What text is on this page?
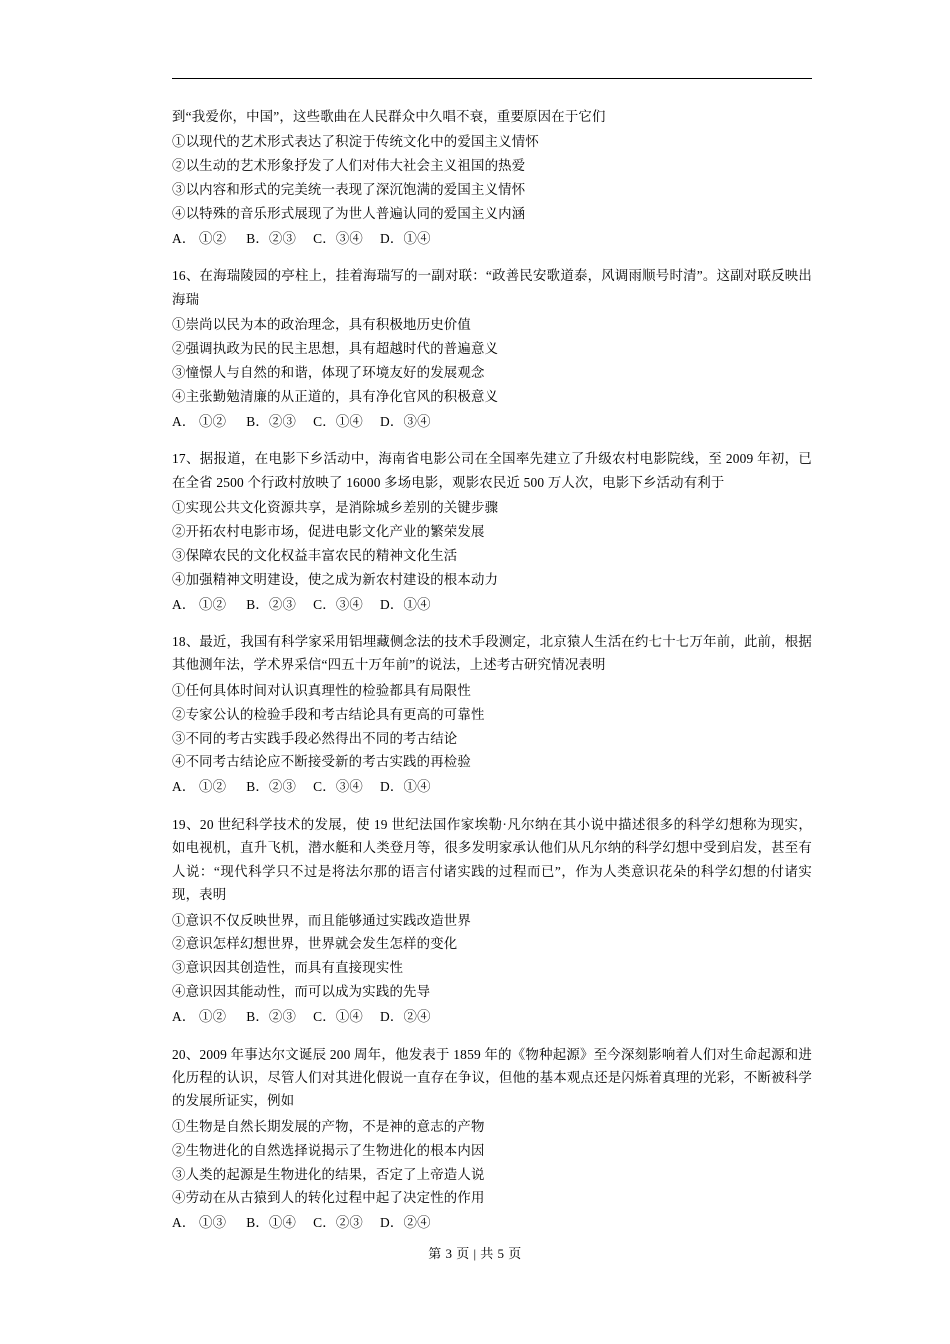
到“我爱你，中国”，这些歌曲在人民群众中久唱不衰，重要原因在于它们

①以现代的艺术形式表达了积淀于传统文化中的爱国主义情怀

②以生动的艺术形象抒发了人们对伟大社会主义祖国的热爱

③以内容和形式的完美统一表现了深沉饱满的爱国主义情怀

④以特殊的音乐形式展现了为世人普遍认同的爱国主义内涵

A． ①② B．②③ C．③④ D．①④

16、在海瑞陵园的亭柱上，挂着海瑞写的一副对联：“政善民安歌道泰，风调雨顺号时清”。这副对联反映出海瑞

①崇尚以民为本的政治理念，具有积极地历史价值

②强调执政为民的民主思想，具有超越时代的普遍意义

③憧憬人与自然的和谐，体现了环境友好的发展观念

④主张勤勉清廉的从正道的，具有净化官风的积极意义

A． ①② B．②③ C．①④ D．③④

17、据报道，在电影下乡活动中，海南省电影公司在全国率先建立了升级农村电影院线，至 2009 年初，已在全省 2500 个行政村放映了 16000 多场电影，观影农民近 500 万人次，电影下乡活动有利于

①实现公共文化资源共享，是消除城乡差别的关键步骤

②开拓农村电影市场，促进电影文化产业的繁荣发展

③保障农民的文化权益丰富农民的精神文化生活

④加强精神文明建设，使之成为新农村建设的根本动力

A． ①② B．②③ C．③④ D．①④

18、最近，我国有科学家采用铝埋藏侧念法的技术手段测定，北京猿人生活在约七十七万年前，此前，根据其他测年法，学术界采信“四五十万年前”的说法，上述考古研究情况表明

①任何具体时间对认识真理性的检验都具有局限性

②专家公认的检验手段和考古结论具有更高的可靠性

③不同的考古实践手段必然得出不同的考古结论

④不同考古结论应不断接受新的考古实践的再检验

A． ①② B．②③ C．③④ D．①④

19、20 世纪科学技术的发展，使 19 世纪法国作家埃勒·凡尔纳在其小说中描述很多的科学幻想称为现实，如电视机，直升飞机，潜水艇和人类登月等，很多发明家承认他们从凡尔纳的科学幻想中受到启发，甚至有人说：“现代科学只不过是将法尔那的语言付诸实践的过程而已”，作为人类意识花朵的科学幻想的付诸实现，表明

①意识不仅反映世界，而且能够通过实践改造世界

②意识怎样幻想世界，世界就会发生怎样的变化

③意识因其创造性，而具有直接现实性

④意识因其能动性，而可以成为实践的先导

A． ①② B．②③ C．①④ D．②④

20、2009 年事达尔文诞辰 200 周年，他发表于 1859 年的《物种起源》至今深刻影响着人们对生命起源和进化历程的认识，尽管人们对其进化假说一直存在争议，但他的基本观点还是闪烁着真理的光彩，不断被科学的发展所证实，例如

①生物是自然长期发展的产物，不是神的意志的产物

②生物进化的自然选择说揭示了生物进化的根本内因

③人类的起源是生物进化的结果，否定了上帝造人说

④劳动在从古猿到人的转化过程中起了决定性的作用

A． ①③ B．①④ C．②③ D．②④

第 3 页 | 共 5 页
